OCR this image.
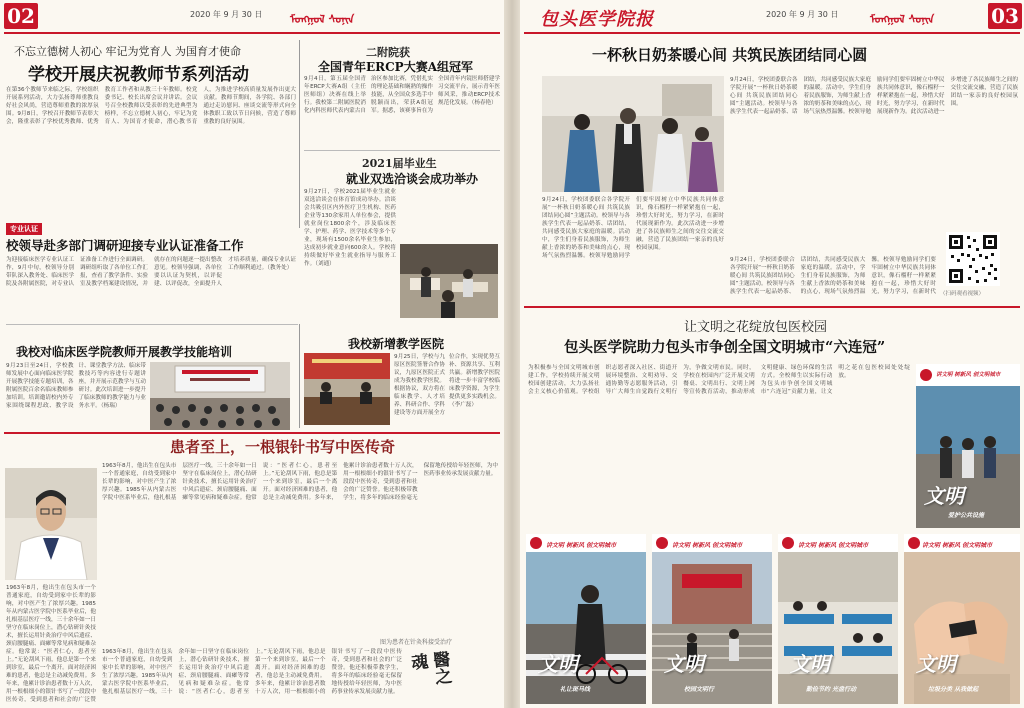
02	2020 年 9 月 30 日	ᠮᠣᠩᠭᠣᠯ ᠰᠣᠨᠢᠨ
不忘立德树人初心 牢记为党育人 为国育才使命
学校开展庆祝教师节系列活动
在第36个教师节来临之际，学校组织开展系列活动，大力弘扬尊师重教良好社会风尚，营造尊师重教的浓厚氛围。9月8日，学校召开教师节表彰大会，隆重表彰了学校优秀教师、优秀教育工作者和从教三十年教师。校党委书记、校长出席会议并讲话。会议号召全校教师以受表彰的先进典型为榜样，不忘立德树人初心，牢记为党育人、为国育才使命，潜心教书育人，为推进学校高质量发展作出更大贡献。教师节期间，各学院、各部门通过走访慰问、座谈交流等形式向全体教职工致以节日问候，营造了尊师重教的良好氛围。
二附院获
全国青年ERCP大赛A组冠军
9月4日，第五届全国青年ERCP大赛A组（主任医师组）决赛在线上举行。我校第二附属医院消化内科医师代表内蒙古自治区参加比赛，凭借扎实的理论基础和娴熟的操作技能，从全国众多选手中脱颖而出，荣获A组冠军。据悉，该赛事旨在为全国青年内镜医师搭建学习交流平台，展示青年医师风采，推动ERCP技术规范化发展。（杨春艳）
2021届毕业生
就业双选洽谈会成功举办
9月27日，学校2021届毕业生就业双选洽谈会在体育馆成功举办。洽谈会共吸引区内外医疗卫生机构、医药企业等130余家用人单位参会，提供就业岗位1800余个，涉及临床医学、护理、药学、医学技术等多个专业，现场有1500余名毕业生参加，达成初步就业意向600余人。学校将持续做好毕业生就业指导与服务工作。（刘通）
专业认证
校领导赴多部门调研迎接专业认证准备工作
为迎接临床医学专业认证工作，9月中旬，校领导分别带队深入教务处、临床医学院及各附属医院，对专业认证准备工作进行全面调研。调研组听取了各单位工作汇报，查看了教学条件、实验室及教学档案建设情况，并就存在的问题逐一提出整改意见。校领导强调，各单位要以认证为契机，以评促建、以评促改，全面提升人才培养质量，确保专业认证工作顺利通过。（教务处）
我校对临床医学院教师开展教学技能培训
9月23日至24日，学校教师发展中心面向临床医学院开展教学技能专题培训，各附属医院百余名临床教师参加培训。培训邀请校内外专家围绕课程思政、教学设计、课堂教学方法、临床带教技巧等内容进行专题讲座，并开展示范教学与互动研讨。此次培训进一步提升了临床教师的教学能力与业务水平。（杨瑞）
我校新增教学医院
9月25日，学校与九原区医院签署合作协议，九原区医院正式成为我校教学医院。根据协议，双方将在临床教学、人才培养、科研合作、学科建设等方面开展全方位合作，实现优势互补、资源共享、互利共赢。新增教学医院将进一步丰富学校临床教学资源，为学生提供更多实践机会。（李广磊）
患者至上，一根银针书写中医传奇
1963年8月，他出生在包头市一个普通家庭，自幼受到家中长辈的影响，对中医产生了浓厚兴趣。1985年从内蒙古医学院中医系毕业后，他扎根基层医疗一线，三十余年如一日坚守在临床岗位上，潜心钻研针灸技术，擅长运用针灸治疗中风后遗症、颈肩腰腿痛、面瘫等常见病和疑难杂症。他常说：“医者仁心，患者至上。”无论刮风下雨，他总是第一个来到诊室，最后一个离开。面对经济困难的患者，他总是主动减免费用。多年来，他累计诊治患者数十万人次，用一根根细小的银针书写了一段段中医传奇，受到患者和社会的广泛赞
1963年8月，他出生在包头市一个普通家庭，自幼受到家中长辈的影响，对中医产生了浓厚兴趣。1985年从内蒙古医学院中医系毕业后，他扎根基层医疗一线，三十余年如一日坚守在临床岗位上，潜心钻研针灸技术，擅长运用针灸治疗中风后遗症、颈肩腰腿痛、面瘫等常见病和疑难杂症。他常说：“医者仁心，患者至上。”无论刮风下雨，他总是第一个来到诊室，最后一个离开。面对经济困难的患者，他总是主动减免费用。多年来，他累计诊治患者数十万人次，用一根根细小的银针书写了一段段中医传奇，受到患者和社会的广泛赞誉。他还积极带教学生，将多年的临床经验毫无保留地传授给年轻医师，为中医药事业传承发展贡献力量。
图为患者在针灸科接受治疗
1963年8月，他出生在包头市一个普通家庭，自幼受到家中长辈的影响，对中医产生了浓厚兴趣。1985年从内蒙古医学院中医系毕业后，他扎根基层医疗一线，三十余年如一日坚守在临床岗位上，潜心钻研针灸技术，擅长运用针灸治疗中风后遗症、颈肩腰腿痛、面瘫等常见病和疑难杂症。他常说：“医者仁心，患者至上。”无论刮风下雨，他总是第一个来到诊室，最后一个离开。面对经济困难的患者，他总是主动减免费用。多年来，他累计诊治患者数十万人次，用一根根细小的银针书写了一段段中医传奇，受到患者和社会的广泛赞誉。他还积极带教学生，将多年的临床经验毫无保留地传授给年轻医师，为中医药事业传承发展贡献力量。
醫之魂
包头医学院报	2020 年 9 月 30 日	ᠮᠣᠩᠭᠣᠯ ᠰᠣᠨᠢᠨ	03
一杯秋日奶茶暖心间 共筑民族团结同心圆
9月24日，学校团委联合各学院开展“一杯秋日奶茶暖心间 共筑民族团结同心圆”主题活动。校领导与各族学生代表一起品奶茶、话团结，共同感受民族大家庭的温暖。活动中，学生们身着民族服饰，为师生献上香浓的奶茶和美味的点心，现场气氛热烈温馨。校领导勉励同学们要牢固树立中华民族共同体意识，像石榴籽一样紧紧抱在一起，珍惜大好时光，努力学习，在新时代展现新作为。此次活动进一步增进了各民族师生之间的交往交流交融，营造了民族团结一家亲的良好校园氛围。
9月24日，学校团委联合各学院开展“一杯秋日奶茶暖心间 共筑民族团结同心圆”主题活动。校领导与各族学生代表一起品奶茶、话团结，共同感受民族大家庭的温暖。活动中，学生们身着民族服饰，为师生献上香浓的奶茶和美味的点心，现场气氛热烈温馨。校领导勉励同学们要牢固树立中华民族共同体意识，像石榴籽一样紧紧抱在一起，珍惜大好时光，努力学习，在新时代展现新作为。此次活动进一步增进了各民族师生之间的交往交流交融，营造了民族团结一家亲的良好校园氛围。
（扫码观看视频）
9月24日，学校团委联合各学院开展“一杯秋日奶茶暖心间 共筑民族团结同心圆”主题活动。校领导与各族学生代表一起品奶茶、话团结，共同感受民族大家庭的温暖。活动中，学生们身着民族服饰，为师生献上香浓的奶茶和美味的点心，现场气氛热烈温馨。校领导勉励同学们要牢固树立中华民族共同体意识，像石榴籽一样紧紧抱在一起，珍惜大好时光，努力学习，在新时代
让文明之花绽放包医校园
包头医学院助力包头市争创全国文明城市“六连冠”
为积极参与全国文明城市创建工作，学校持续开展文明校园创建活动，大力弘扬社会主义核心价值观。学校组织志愿者深入社区、街道开展环境整治、文明劝导、交通协勤等志愿服务活动，引导广大师生自觉践行文明行为，争做文明市民。同时，学校在校园内广泛开展文明餐桌、文明出行、文明上网等宣传教育活动，推动形成文明健康、绿色环保的生活方式。全校师生以实际行动为包头市争创全国文明城市“六连冠”贡献力量，让文明之花在包医校园处处绽放。	讲文明 树新风 创文明城市
文明
爱护公共设施
讲文明 树新风 创文明城市	讲文明 树新风 创文明城市	讲文明 树新风 创文明城市	讲文明 树新风 创文明城市
文明
礼让斑马线
文明
校园文明行
文明
勤俭节约 光盘行动
文明
垃圾分类 从我做起
